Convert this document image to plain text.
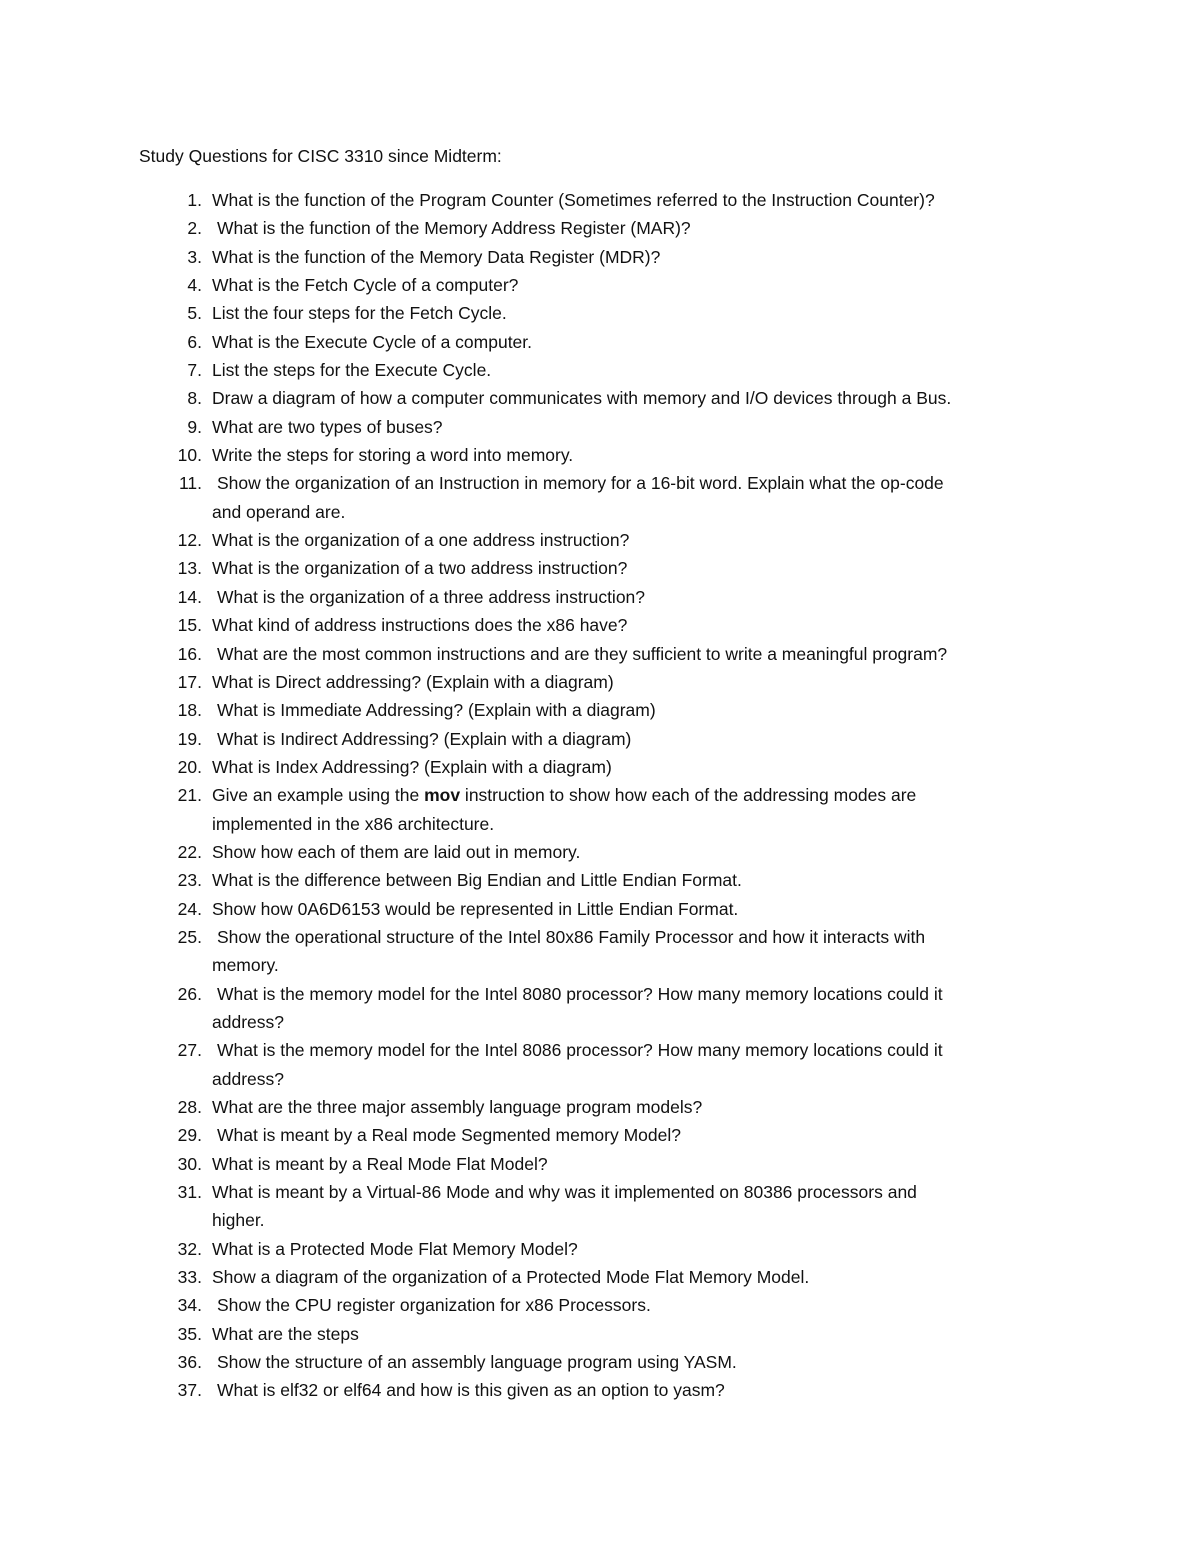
Study Questions for CISC 3310 since Midterm:
1. What is the function of the Program Counter (Sometimes referred to the Instruction Counter)?
2. What is the function of the Memory Address Register (MAR)?
3. What is the function of the Memory Data Register (MDR)?
4. What is the Fetch Cycle of a computer?
5. List the four steps for the Fetch Cycle.
6. What is the Execute Cycle of a computer.
7. List the steps for the Execute Cycle.
8. Draw a diagram of how a computer communicates with memory and I/O devices through a Bus.
9. What are two types of buses?
10. Write the steps for storing a word into memory.
11. Show the organization of an Instruction in memory for a 16-bit word. Explain what the op-code
and operand are.
12. What is the organization of a one address instruction?
13. What is the organization of a two address instruction?
14. What is the organization of a three address instruction?
15. What kind of address instructions does the x86 have?
16. What are the most common instructions and are they sufficient to write a meaningful program?
17. What is Direct addressing? (Explain with a diagram)
18. What is Immediate Addressing? (Explain with a diagram)
19. What is Indirect Addressing? (Explain with a diagram)
20. What is Index Addressing? (Explain with a diagram)
21. Give an example using the mov instruction to show how each of the addressing modes are
implemented in the x86 architecture.
22. Show how each of them are laid out in memory.
23. What is the difference between Big Endian and Little Endian Format.
24. Show how 0A6D6153 would be represented in Little Endian Format.
25. Show the operational structure of the Intel 80x86 Family Processor and how it interacts with
memory.
26. What is the memory model for the Intel 8080 processor? How many memory locations could it
address?
27. What is the memory model for the Intel 8086 processor? How many memory locations could it
address?
28. What are the three major assembly language program models?
29. What is meant by a Real mode Segmented memory Model?
30. What is meant by a Real Mode Flat Model?
31. What is meant by a Virtual-86 Mode and why was it implemented on 80386 processors and
higher.
32. What is a Protected Mode Flat Memory Model?
33. Show a diagram of the organization of a Protected Mode Flat Memory Model.
34. Show the CPU register organization for x86 Processors.
35. What are the steps
36. Show the structure of an assembly language program using YASM.
37. What is elf32 or elf64 and how is this given as an option to yasm?
